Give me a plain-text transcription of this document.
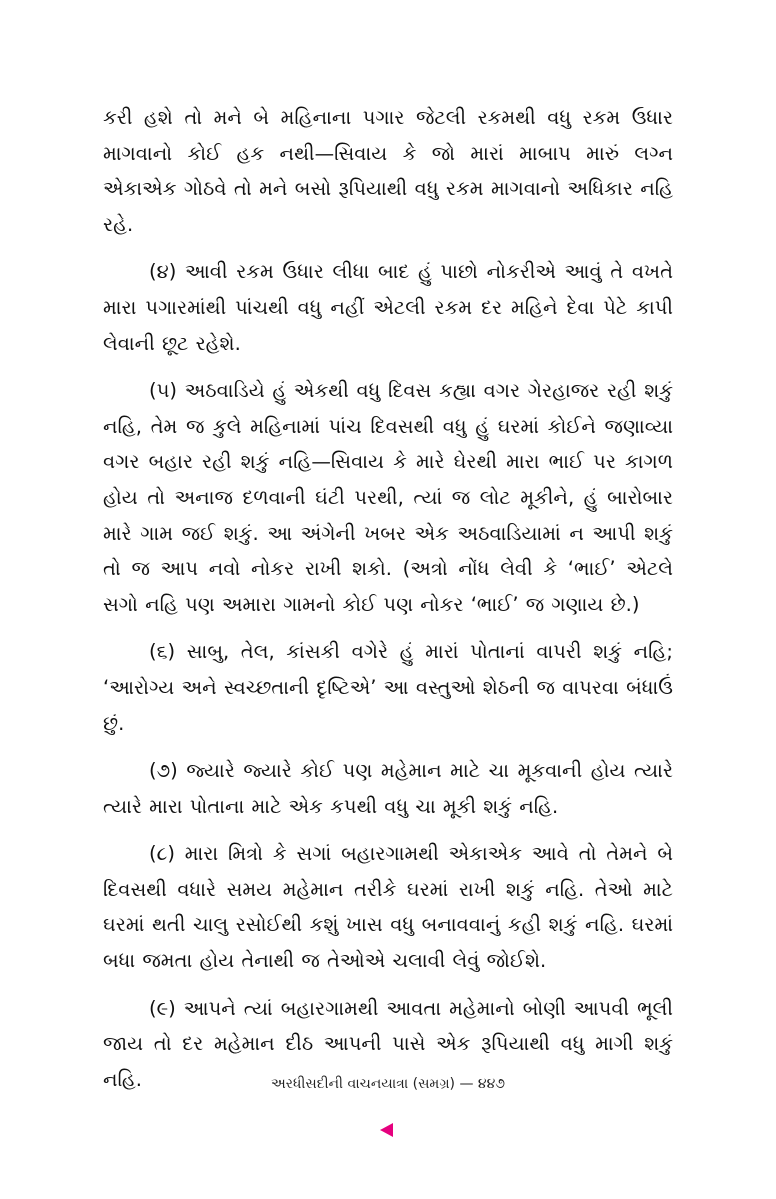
કરી હશે તો મને બે મહિનાના પગાર જેટલી રકમથી વધુ રકમ ઉધાર માગવાનો કોઈ હક નથી—સિવાય કે જો મારાં માબાપ મારું લગ્ન એકાએક ગોઠવે તો મને બસો રૂપિયાથી વધુ રકમ માગવાનો અધિકાર નહિ રહે.

(૪) આવી રકમ ઉધાર લીધા બાદ હું પાછો નોકરીએ આવું તે વખતે મારા પગારમાંથી પાંચથી વધુ નહીં એટલી રકમ દર મહિને દેવા પેટે કાપી લેવાની છૂટ રહેશે.

(૫) અઠવાડિયે હું એકથી વધુ દિવસ કહ્યા વગર ગેરહાજર રહી શકું નહિ, તેમ જ કુલે મહિનામાં પાંચ દિવસથી વધુ હું ઘરમાં કોઈને જણાવ્યા વગર બહાર રહી શકું નહિ—સિવાય કે મારે ઘેરથી મારા ભાઈ પર કાગળ હોય તો અનાજ દળવાની ઘંટી પરથી, ત્યાં જ લોટ મૂકીને, હું બારોબાર મારે ગામ જઈ શકું. આ અંગેની ખબર એક અઠવાડિયામાં ન આપી શકું તો જ આપ નવો નોકર રાખી શકો. (અત્રો નોંધ લેવી કે ‘ભાઈ’ એટલે સગો નહિ પણ અમારા ગામનો કોઈ પણ નોકર ‘ભાઈ’ જ ગણાય છે.)

(૬) સાબુ, તેલ, કાંસકી વગેરે હું મારાં પોતાનાં વાપરી શકું નહિ; ‘આરોગ્ય અને સ્વચ્છતાની દૃષ્ટિએ’ આ વસ્તુઓ શેઠની જ વાપરવા બંધાઉં છું.

(૭) જ્યારે જ્યારે કોઈ પણ મહેમાન માટે ચા મૂકવાની હોય ત્યારે ત્યારે મારા પોતાના માટે એક કપથી વધુ ચા મૂકી શકું નહિ.

(૮) મારા મિત્રો કે સગાં બહારગામથી એકાએક આવે તો તેમને બે દિવસથી વધારે સમય મહેમાન તરીકે ઘરમાં રાખી શકું નહિ. તેઓ માટે ઘરમાં થતી ચાલુ રસોઈથી કશું ખાસ વધુ બનાવવાનું કહી શકું નહિ. ઘરમાં બધા જમતા હોય તેનાથી જ તેઓએ ચલાવી લેવું જોઈશે.

(૯) આપને ત્યાં બહારગામથી આવતા મહેમાનો બોણી આપવી ભૂલી જાય તો દર મહેમાન દીઠ આપની પાસે એક રૂપિયાથી વધુ માગી શકું નહિ.	અરધીસદીની વાચનયાત્રા (સમગ્ર) — ૪૪૭
